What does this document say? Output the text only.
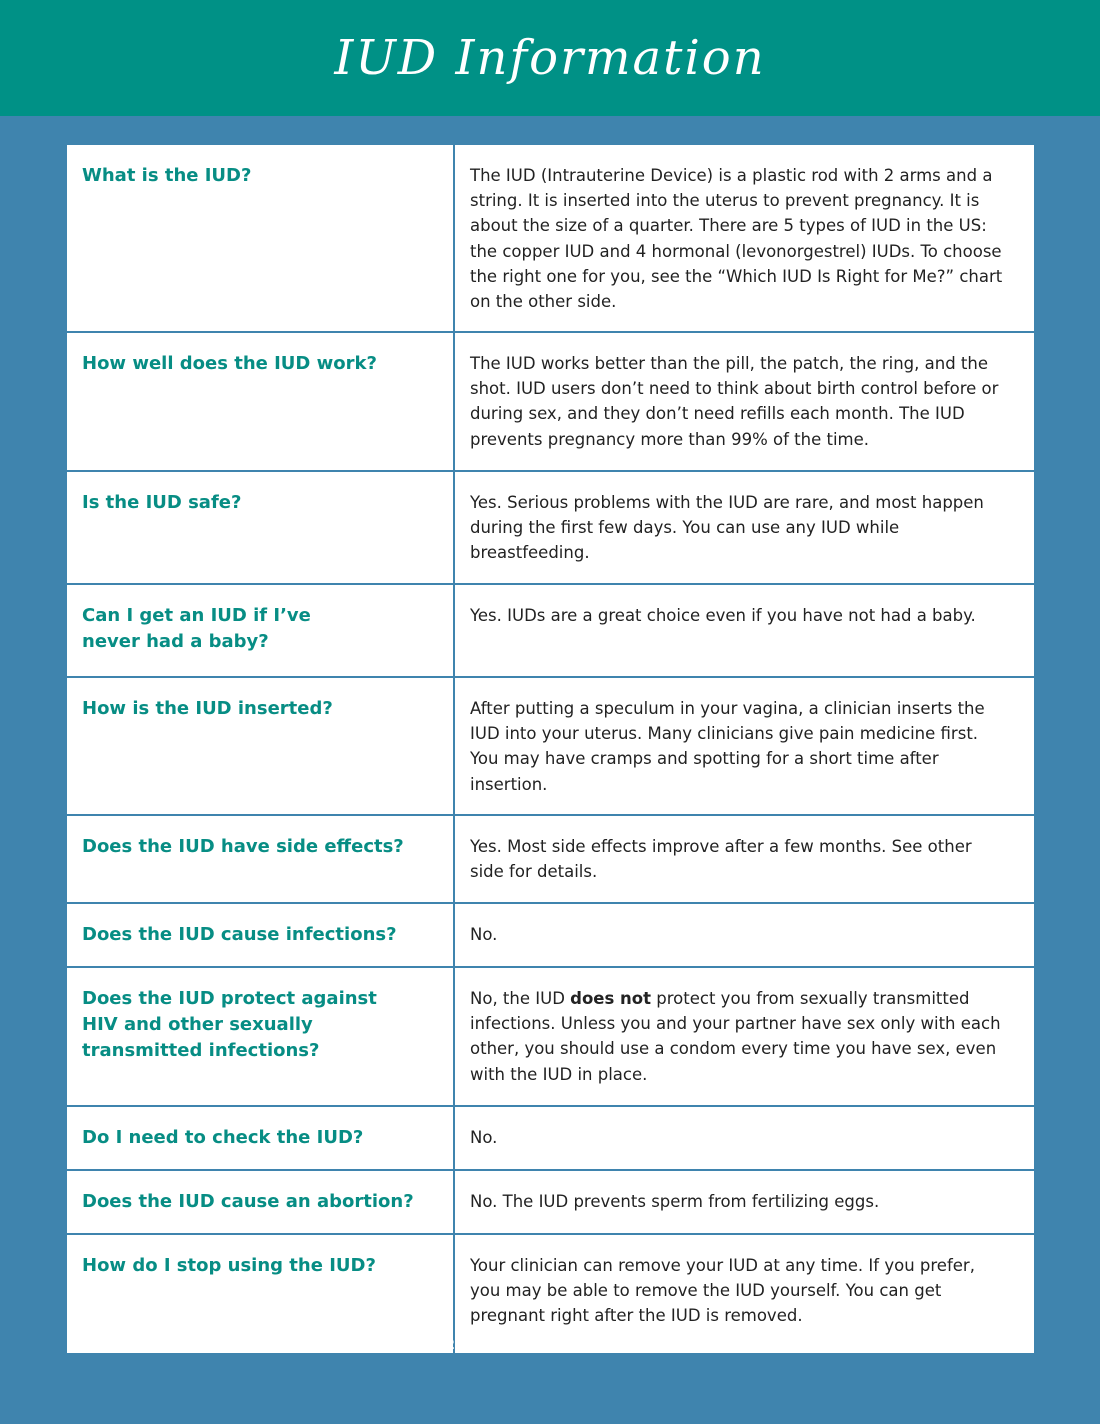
IUD Information
What is the IUD?	The IUD (Intrauterine Device) is a plastic rod with 2 arms and a string. It is inserted into the uterus to prevent pregnancy. It is about the size of a quarter. There are 5 types of IUD in the US: the copper IUD and 4 hormonal (levonorgestrel) IUDs. To choose the right one for you, see the “Which IUD Is Right for Me?” chart on the other side.
How well does the IUD work?	The IUD works better than the pill, the patch, the ring, and the shot. IUD users don’t need to think about birth control before or during sex, and they don’t need refills each month. The IUD prevents pregnancy more than 99% of the time.
Is the IUD safe?	Yes. Serious problems with the IUD are rare, and most happen during the first few days. You can use any IUD while breastfeeding.
Can I get an IUD if I’ve never had a baby?	Yes. IUDs are a great choice even if you have not had a baby.
How is the IUD inserted?	After putting a speculum in your vagina, a clinician inserts the IUD into your uterus. Many clinicians give pain medicine first. You may have cramps and spotting for a short time after insertion.
Does the IUD have side effects?	Yes. Most side effects improve after a few months. See other side for details.
Does the IUD cause infections?	No.
Does the IUD protect against HIV and other sexually transmitted infections?	No, the IUD does not protect you from sexually transmitted infections. Unless you and your partner have sex only with each other, you should use a condom every time you have sex, even with the IUD in place.
Do I need to check the IUD?	No.
Does the IUD cause an abortion?	No. The IUD prevents sperm from fertilizing eggs.
How do I stop using the IUD?	Your clinician can remove your IUD at any time. If you prefer, you may be able to remove the IUD yourself. You can get pregnant right after the IUD is removed.
Reproductive Health Access Project / October 2022	www.reproductiveaccess.org
